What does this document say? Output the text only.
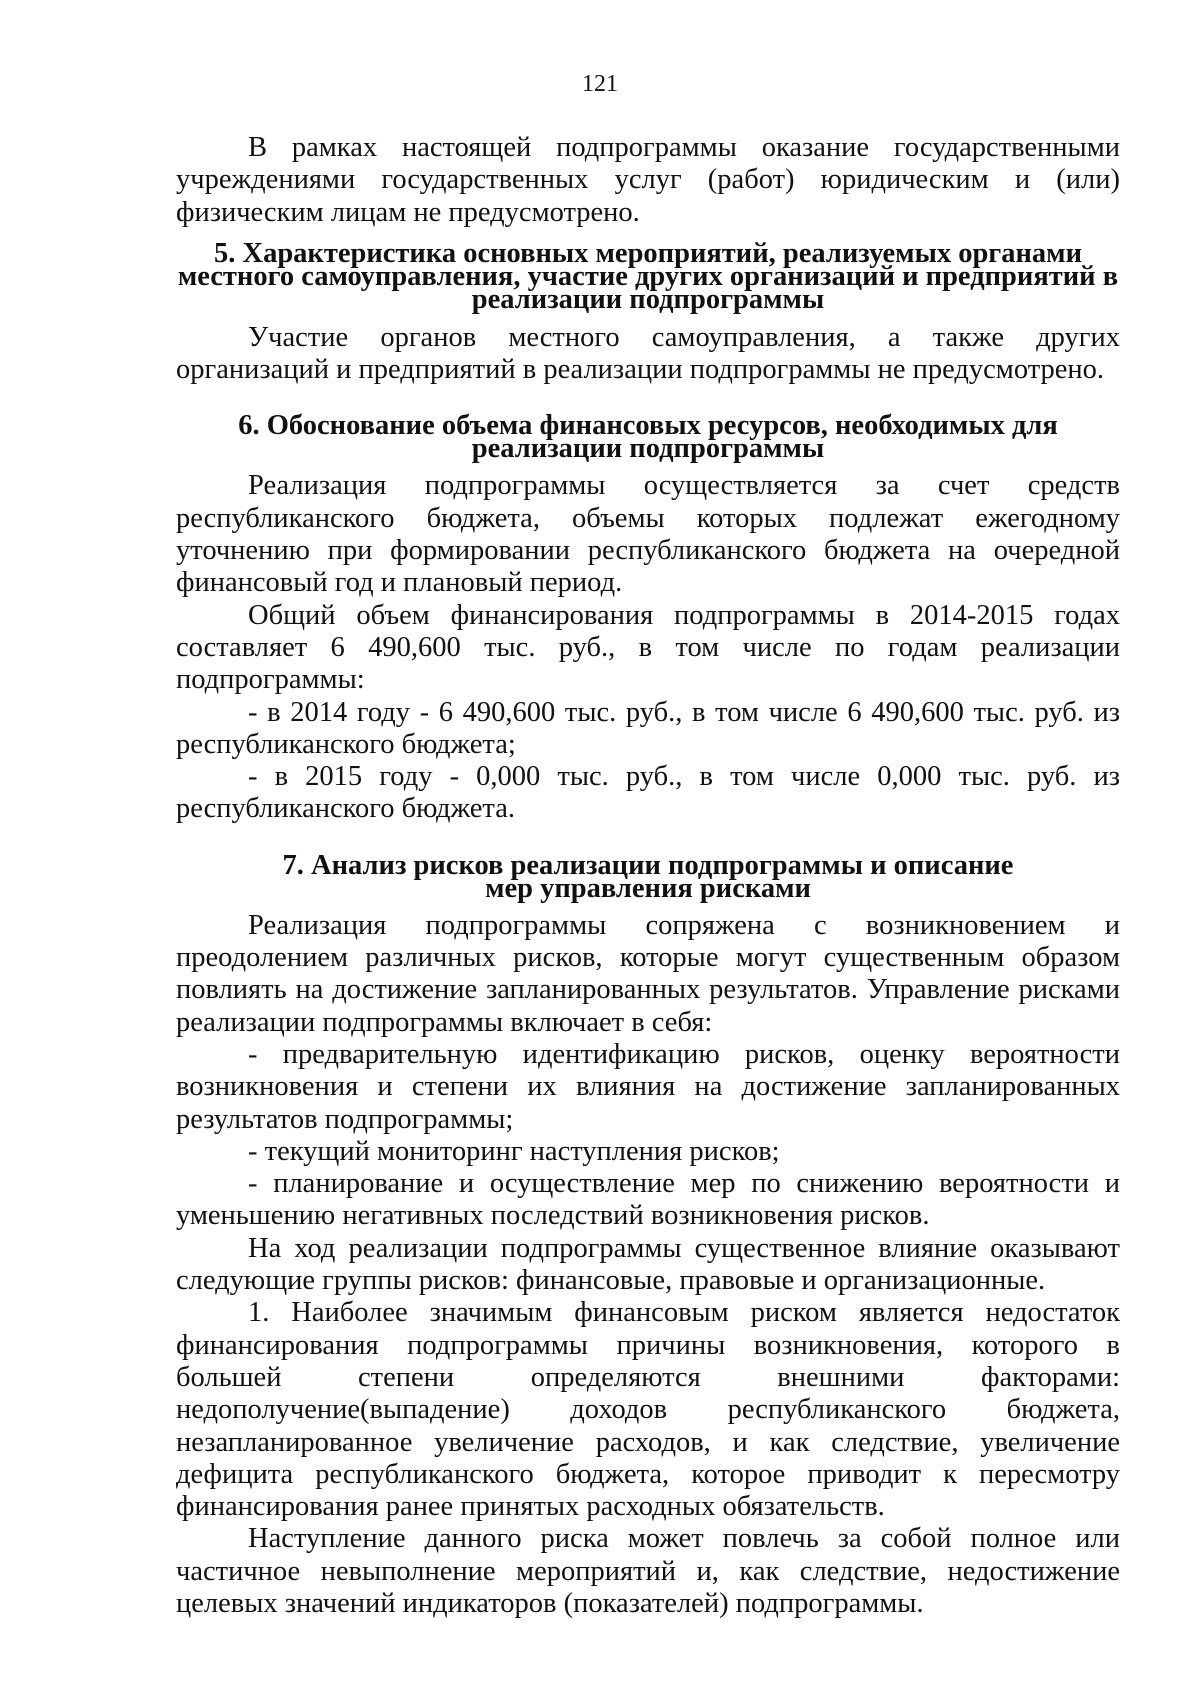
121

В рамках настоящей подпрограммы оказание государственными учреждениями государственных услуг (работ) юридическим и (или) физическим лицам не предусмотрено.

5. Характеристика основных мероприятий, реализуемых органами
местного самоуправления, участие других организаций и предприятий в
реализации подпрограммы

Участие органов местного самоуправления, а также других организаций и предприятий в реализации подпрограммы не предусмотрено.

6. Обоснование объема финансовых ресурсов, необходимых для
реализации подпрограммы

Реализация подпрограммы осуществляется за счет средств республиканского бюджета, объемы которых подлежат ежегодному уточнению при формировании республиканского бюджета на очередной финансовый год и плановый период.

Общий объем финансирования подпрограммы в 2014-2015 годах составляет 6 490,600 тыс. руб., в том числе по годам реализации подпрограммы:

- в 2014 году - 6 490,600 тыс. руб., в том числе 6 490,600 тыс. руб. из республиканского бюджета;

- в 2015 году - 0,000 тыс. руб., в том числе 0,000 тыс. руб. из республиканского бюджета.

7. Анализ рисков реализации подпрограммы и описание
мер управления рисками

Реализация подпрограммы сопряжена с возникновением и преодолением различных рисков, которые могут существенным образом повлиять на достижение запланированных результатов. Управление рисками реализации подпрограммы включает в себя:

- предварительную идентификацию рисков, оценку вероятности возникновения и степени их влияния на достижение запланированных результатов подпрограммы;

- текущий мониторинг наступления рисков;

- планирование и осуществление мер по снижению вероятности и уменьшению негативных последствий возникновения рисков.

На ход реализации подпрограммы существенное влияние оказывают следующие группы рисков: финансовые, правовые и организационные.

1. Наиболее значимым финансовым риском является недостаток финансирования подпрограммы причины возникновения, которого в большей степени определяются внешними факторами: недополучение(выпадение) доходов республиканского бюджета, незапланированное увеличение расходов, и как следствие, увеличение дефицита республиканского бюджета, которое приводит к пересмотру финансирования ранее принятых расходных обязательств.

Наступление данного риска может повлечь за собой полное или частичное невыполнение мероприятий и, как следствие, недостижение целевых значений индикаторов (показателей) подпрограммы.
